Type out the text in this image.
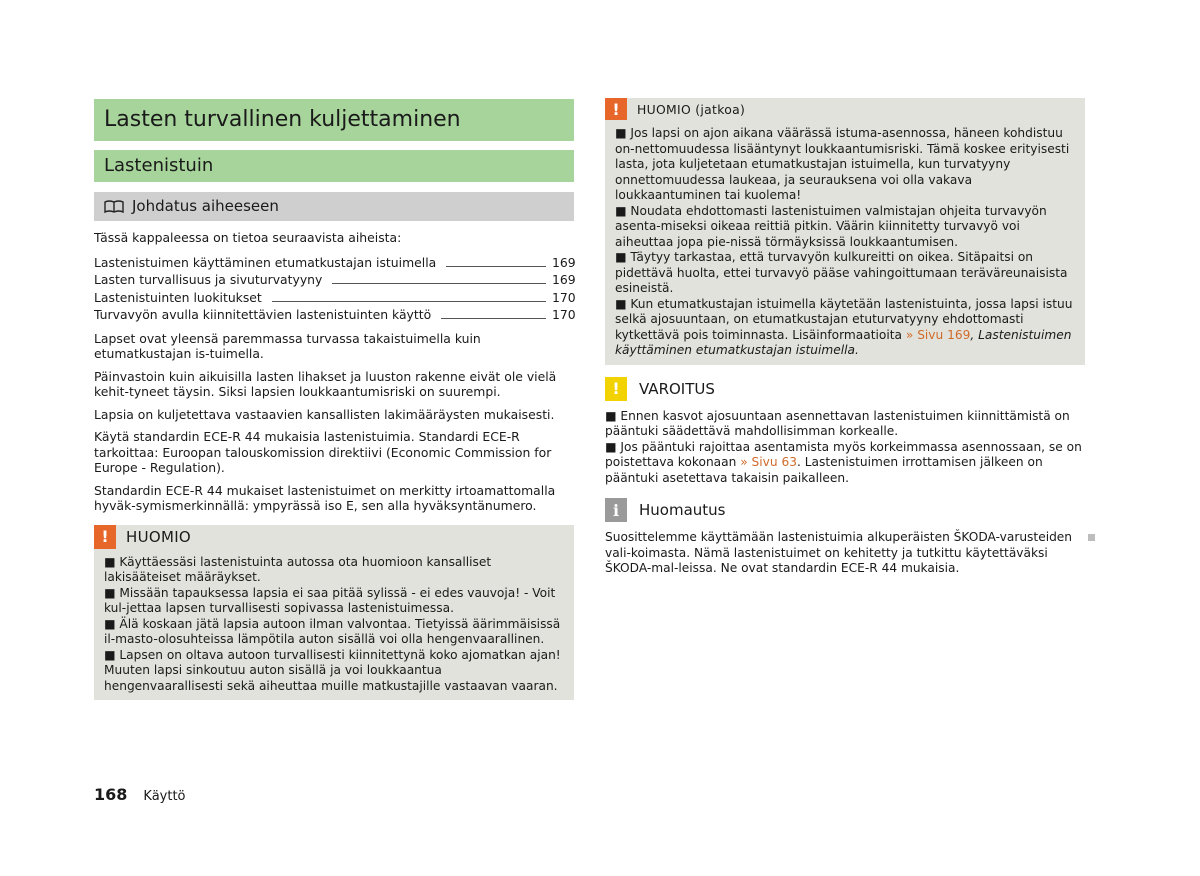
Lasten turvallinen kuljettaminen
Lastenistuin
Johdatus aiheeseen

Tässä kappaleessa on tietoa seuraavista aiheista:

Lastenistuimen käyttäminen etumatkustajan istuimella	169
Lasten turvallisuus ja sivuturvatyyny	169
Lastenistuinten luokitukset	170
Turvavyön avulla kiinnitettävien lastenistuinten käyttö	170

Lapset ovat yleensä paremmassa turvassa takaistuimella kuin etumatkustajan is-tuimella.

Päinvastoin kuin aikuisilla lasten lihakset ja luuston rakenne eivät ole vielä kehit-tyneet täysin. Siksi lapsien loukkaantumisriski on suurempi.

Lapsia on kuljetettava vastaavien kansallisten lakimääräysten mukaisesti.

Käytä standardin ECE-R 44 mukaisia lastenistuimia. Standardi ECE-R tarkoittaa: Euroopan talouskomission direktiivi (Economic Commission for Europe - Regulation).

Standardin ECE-R 44 mukaiset lastenistuimet on merkitty irtoamattomalla hyväk-symismerkinnällä: ympyrässä iso E, sen alla hyväksyntänumero.

!	HUOMIO

■ Käyttäessäsi lastenistuinta autossa ota huomioon kansalliset lakisääteiset määräykset.

■ Missään tapauksessa lapsia ei saa pitää sylissä - ei edes vauvoja! - Voit kul-jettaa lapsen turvallisesti sopivassa lastenistuimessa.

■ Älä koskaan jätä lapsia autoon ilman valvontaa. Tietyissä äärimmäisissä il-masto-olosuhteissa lämpötila auton sisällä voi olla hengenvaarallinen.

■ Lapsen on oltava autoon turvallisesti kiinnitettynä koko ajomatkan ajan! Muuten lapsi sinkoutuu auton sisällä ja voi loukkaantua hengenvaarallisesti sekä aiheuttaa muille matkustajille vastaavan vaaran.

!	HUOMIO (jatkoa)

■ Jos lapsi on ajon aikana väärässä istuma-asennossa, häneen kohdistuu on-nettomuudessa lisääntynyt loukkaantumisriski. Tämä koskee erityisesti lasta, jota kuljetetaan etumatkustajan istuimella, kun turvatyyny onnettomuudessa laukeaa, ja seurauksena voi olla vakava loukkaantuminen tai kuolema!

■ Noudata ehdottomasti lastenistuimen valmistajan ohjeita turvavyön asenta-miseksi oikeaa reittiä pitkin. Väärin kiinnitetty turvavyö voi aiheuttaa jopa pie-nissä törmäyksissä loukkaantumisen.

■ Täytyy tarkastaa, että turvavyön kulkureitti on oikea. Sitäpaitsi on pidettävä huolta, ettei turvavyö pääse vahingoittumaan teräväreunaisista esineistä.

■ Kun etumatkustajan istuimella käytetään lastenistuinta, jossa lapsi istuu selkä ajosuuntaan, on etumatkustajan etuturvatyyny ehdottomasti kytkettävä pois toiminnasta. Lisäinformaatioita » Sivu 169, Lastenistuimen käyttäminen etumatkustajan istuimella.

!	VAROITUS

■ Ennen kasvot ajosuuntaan asennettavan lastenistuimen kiinnittämistä on pääntuki säädettävä mahdollisimman korkealle.

■ Jos pääntuki rajoittaa asentamista myös korkeimmassa asennossaan, se on poistettava kokonaan » Sivu 63. Lastenistuimen irrottamisen jälkeen on pääntuki asetettava takaisin paikalleen.

i	Huomautus

Suosittelemme käyttämään lastenistuimia alkuperäisten ŠKODA-varusteiden vali-koimasta. Nämä lastenistuimet on kehitetty ja tutkittu käytettäväksi ŠKODA-mal-leissa. Ne ovat standardin ECE-R 44 mukaisia.

168 Käyttö
